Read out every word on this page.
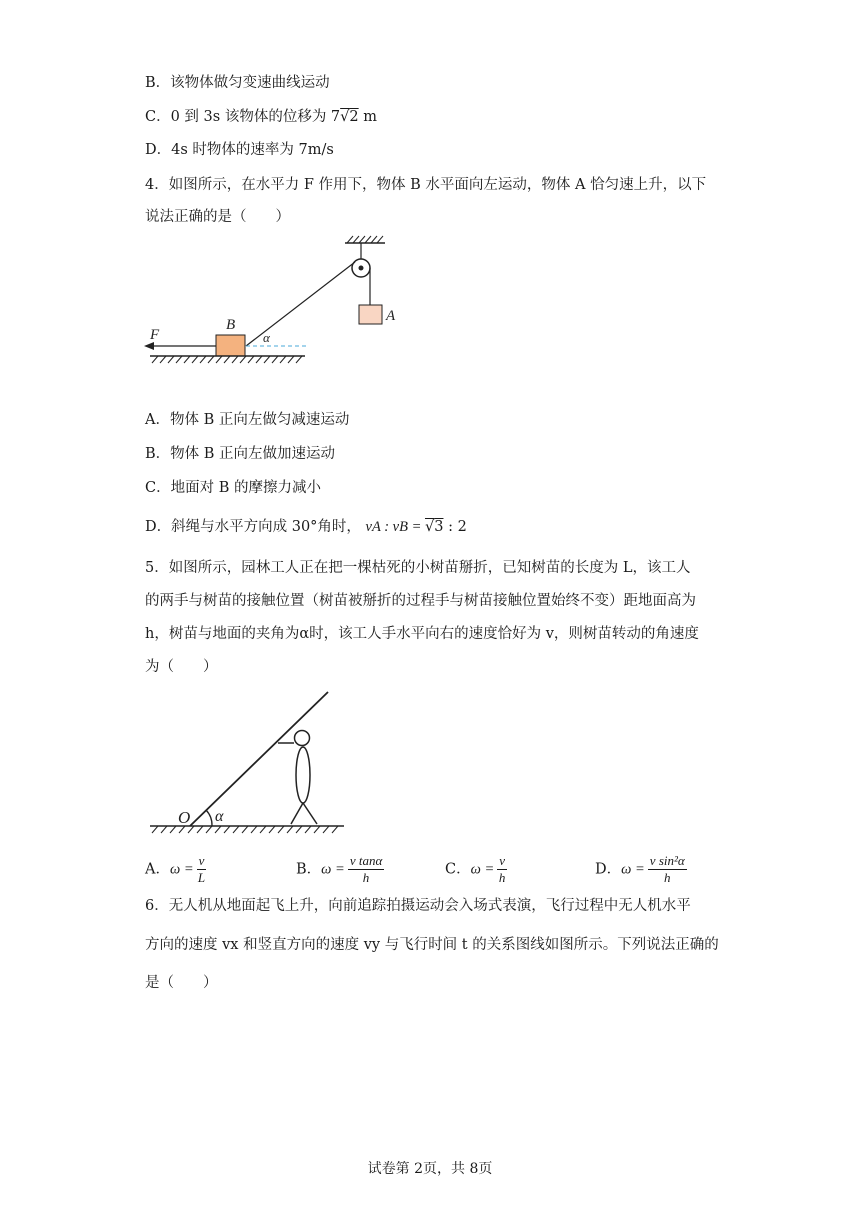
B．该物体做匀变速曲线运动
C．0 到 3s 该物体的位移为 7√2 m
D．4s 时物体的速率为 7m/s
4．如图所示，在水平力 F 作用下，物体 B 水平面向左运动，物体 A 恰匀速上升，以下
说法正确的是（　　）
F
B
α
A
A．物体 B 正向左做匀减速运动
B．物体 B 正向左做加速运动
C．地面对 B 的摩擦力减小
D．斜绳与水平方向成 30°角时， vA : vB = √3 : 2
5．如图所示，园林工人正在把一棵枯死的小树苗掰折，已知树苗的长度为 L，该工人
的两手与树苗的接触位置（树苗被掰折的过程手与树苗接触位置始终不变）距地面高为
h，树苗与地面的夹角为α时，该工人手水平向右的速度恰好为 v，则树苗转动的角速度
为（　　）
O α
A．$\omega = \frac{v}{L}$	B．$\omega = \frac{\text{v tanα}}{h}$	C．$\omega = \frac{v}{h}$	D．$\omega = \frac{\text{v sin²α}}{h}$
6．无人机从地面起飞上升，向前追踪拍摄运动会入场式表演，飞行过程中无人机水平
方向的速度 vx 和竖直方向的速度 vy 与飞行时间 t 的关系图线如图所示。下列说法正确的
是（　　）
试卷第 2页，共 8页
